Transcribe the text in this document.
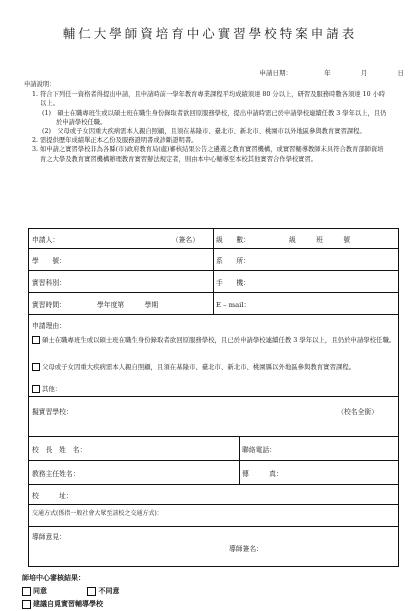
輔仁大學師資培育中心實習學校特案申請表
申請日期：	年	月	日
申請說明：
1. 符合下列任一資格者得提出申請，且申請時前一學年教育專業課程平均成績須達 80 分以上，研習及服務時數各須達 10 小時以上。
(1)　碩士在職專班生或以碩士班在職生身份錄取者欲回原服務學校，提出申請時需已於申請學校連續任教 3 學年以上，且仍於申請學校任職。
(2)　父母或子女因重大疾病需本人親自照顧，且須在基隆市、臺北市、新北市、桃園市以外地區參與教育實習課程。
2. 需提供歷年成績單正本乙份及服務證明書或診斷證明書。
3. 如申請之實習學校非為各縣(市)政府教育局(處)審核結果公告之遴選之教育實習機構，或實習輔導教師未具符合教育部師資培育之大學及教育實習機構辦理教育實習辦法規定者，則由本中心輔導至本校其他實習合作學校實習。
申請人：	（簽名）	級　　數：	級　　　班　　　號
學　　號：	系　　所：
實習科別：	手　　機：
實習時間：	學年度第　　　學期	E – mail：
申請理由：
碩士在職專班生或以碩士班在職生身份錄取者欲回原服務學校，且已於申請學校連續任教 3 學年以上，且仍於申請學校任職。
父母或子女因重大疾病需本人親自照顧，且須在基隆市、臺北市、新北市、桃園縣以外地區參與教育實習課程。
其他：
擬實習學校：	（校名全銜）
校　長　姓　名：	聯絡電話：
教務主任姓名：	傳　　　真：
校　　　址：
交通方式(係指一般社會大眾至該校之交通方式)：
導師意見：
導師簽名：
師培中心審核結果：
同意	不同意
建議自覓實習輔導學校
